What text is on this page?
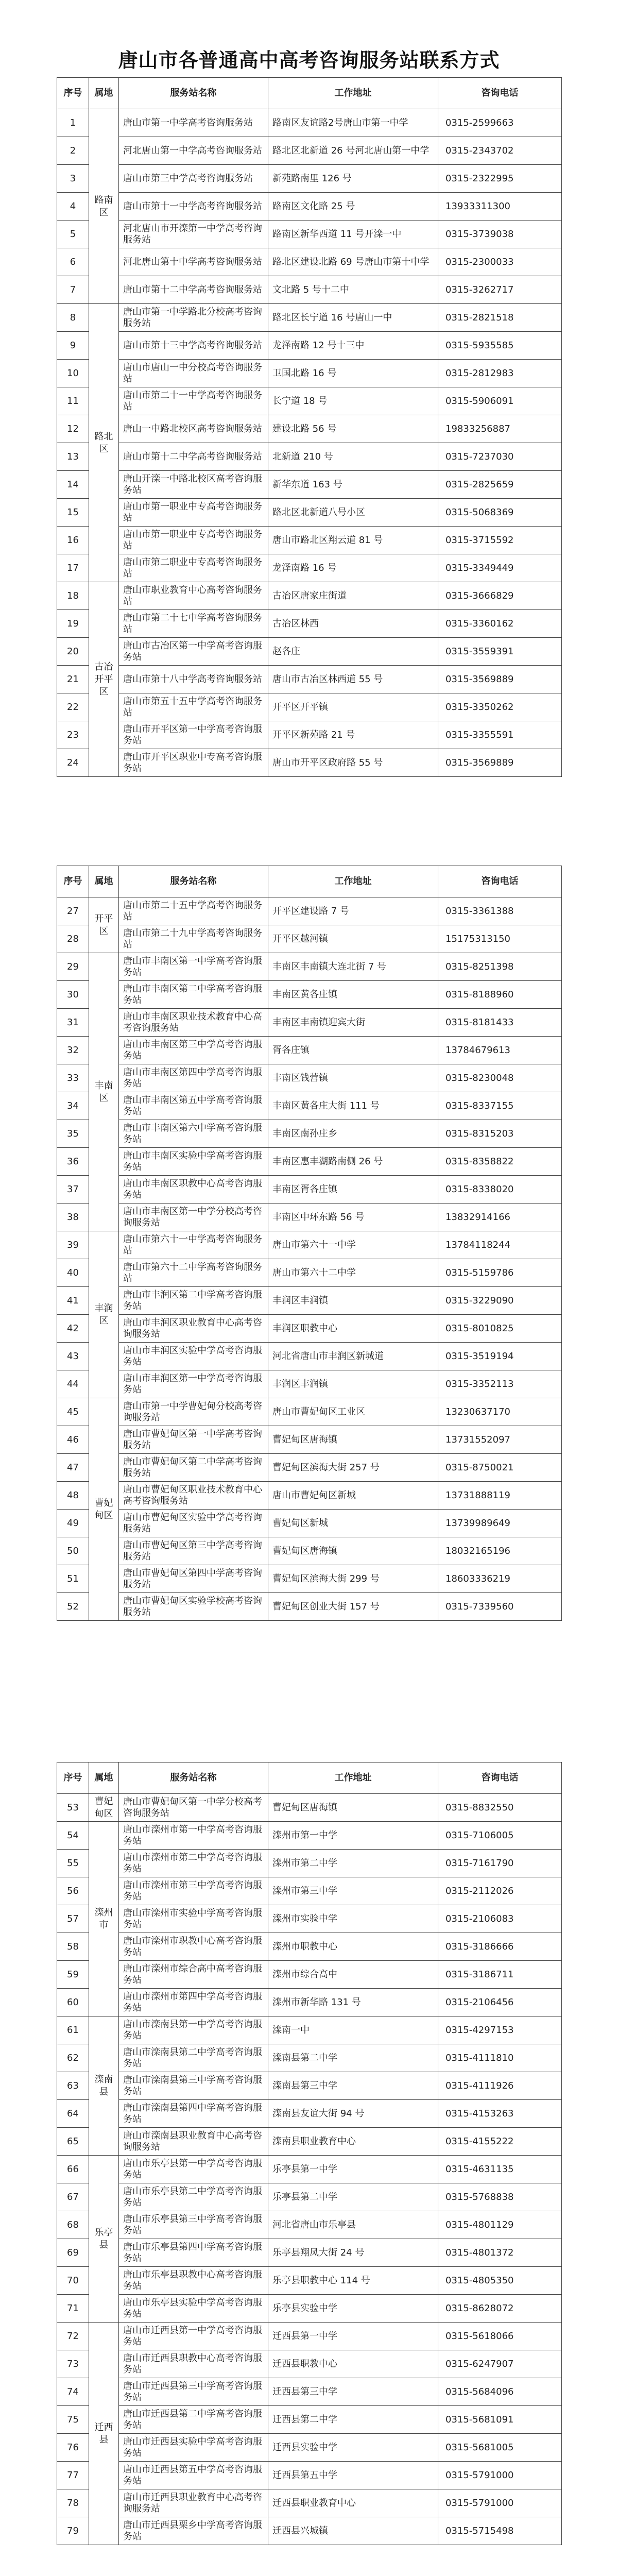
唐山市各普通高中高考咨询服务站联系方式
序号	属地	服务站名称	工作地址	咨询电话
1	路南区	唐山市第一中学高考咨询服务站	路南区友谊路2号唐山市第一中学	0315-2599663
2		河北唐山第一中学高考咨询服务站	路北区北新道 26 号河北唐山第一中学	0315-2343702
3		唐山市第三中学高考咨询服务站	新苑路南里 126 号	0315-2322995
4		唐山市第十一中学高考咨询服务站	路南区文化路 25 号	13933311300
5		河北唐山市开滦第一中学高考咨询服务站	路南区新华西道 11 号开滦一中	0315-3739038
6		河北唐山第十中学高考咨询服务站	路北区建设北路 69 号唐山市第十中学	0315-2300033
7		唐山市第十二中学高考咨询服务站	文北路 5 号十二中	0315-3262717
8	路北区	唐山市第一中学路北分校高考咨询服务站	路北区长宁道 16 号唐山一中	0315-2821518
9		唐山市第十三中学高考咨询服务站	龙泽南路 12 号十三中	0315-5935585
10		唐山市唐山一中分校高考咨询服务站	卫国北路 16 号	0315-2812983
11		唐山市第二十一中学高考咨询服务站	长宁道 18 号	0315-5906091
12		唐山一中路北校区高考咨询服务站	建设北路 56 号	19833256887
13		唐山市第十二中学高考咨询服务站	北新道 210 号	0315-7237030
14		唐山开滦一中路北校区高考咨询服务站	新华东道 163 号	0315-2825659
15		唐山市第一职业中专高考咨询服务站	路北区北新道八号小区	0315-5068369
16		唐山市第一职业中专高考咨询服务站	唐山市路北区翔云道 81 号	0315-3715592
17		唐山市第二职业中专高考咨询服务站	龙泽南路 16 号	0315-3349449
18	古冶开平区	唐山市职业教育中心高考咨询服务站	古冶区唐家庄街道	0315-3666829
19		唐山市第二十七中学高考咨询服务站	古冶区林西	0315-3360162
20		唐山市古冶区第一中学高考咨询服务站	赵各庄	0315-3559391
21		唐山市第十八中学高考咨询服务站	唐山市古冶区林西道 55 号	0315-3569889
22		唐山市第五十五中学高考咨询服务站	开平区开平镇	0315-3350262
23		唐山市开平区第一中学高考咨询服务站	开平区新苑路 21 号	0315-3355591
24		唐山市开平区职业中专高考咨询服务站	唐山市开平区政府路 55 号	0315-3569889
序号	属地	服务站名称	工作地址	咨询电话
27	开平区	唐山市第二十五中学高考咨询服务站	开平区建设路 7 号	0315-3361388
28		唐山市第二十九中学高考咨询服务站	开平区越河镇	15175313150
29	丰南区	唐山市丰南区第一中学高考咨询服务站	丰南区丰南镇大连北街 7 号	0315-8251398
30		唐山市丰南区第二中学高考咨询服务站	丰南区黄各庄镇	0315-8188960
31		唐山市丰南区职业技术教育中心高考咨询服务站	丰南区丰南镇迎宾大街	0315-8181433
32		唐山市丰南区第三中学高考咨询服务站	胥各庄镇	13784679613
33		唐山市丰南区第四中学高考咨询服务站	丰南区钱营镇	0315-8230048
34		唐山市丰南区第五中学高考咨询服务站	丰南区黄各庄大街 111 号	0315-8337155
35		唐山市丰南区第六中学高考咨询服务站	丰南区南孙庄乡	0315-8315203
36		唐山市丰南区实验中学高考咨询服务站	丰南区惠丰湖路南侧 26 号	0315-8358822
37		唐山市丰南区职教中心高考咨询服务站	丰南区胥各庄镇	0315-8338020
38		唐山市丰南区第一中学分校高考咨询服务站	丰南区中环东路 56 号	13832914166
39	丰润区	唐山市第六十一中学高考咨询服务站	唐山市第六十一中学	13784118244
40		唐山市第六十二中学高考咨询服务站	唐山市第六十二中学	0315-5159786
41		唐山市丰润区第二中学高考咨询服务站	丰润区丰润镇	0315-3229090
42		唐山市丰润区职业教育中心高考咨询服务站	丰润区职教中心	0315-8010825
43		唐山市丰润区实验中学高考咨询服务站	河北省唐山市丰润区新城道	0315-3519194
44		唐山市丰润区第一中学高考咨询服务站	丰润区丰润镇	0315-3352113
45	曹妃甸区	唐山市第一中学曹妃甸分校高考咨询服务站	唐山市曹妃甸区工业区	13230637170
46		唐山市曹妃甸区第一中学高考咨询服务站	曹妃甸区唐海镇	13731552097
47		唐山市曹妃甸区第二中学高考咨询服务站	曹妃甸区滨海大街 257 号	0315-8750021
48		唐山市曹妃甸区职业技术教育中心高考咨询服务站	唐山市曹妃甸区新城	13731888119
49		唐山市曹妃甸区实验中学高考咨询服务站	曹妃甸区新城	13739989649
50		唐山市曹妃甸区第三中学高考咨询服务站	曹妃甸区唐海镇	18032165196
51		唐山市曹妃甸区第四中学高考咨询服务站	曹妃甸区滨海大街 299 号	18603336219
52		唐山市曹妃甸区实验学校高考咨询服务站	曹妃甸区创业大街 157 号	0315-7339560
序号	属地	服务站名称	工作地址	咨询电话
53	曹妃甸区	唐山市曹妃甸区第一中学分校高考咨询服务站	曹妃甸区唐海镇	0315-8832550
54	滦州市	唐山市滦州市第一中学高考咨询服务站	滦州市第一中学	0315-7106005
55		唐山市滦州市第二中学高考咨询服务站	滦州市第二中学	0315-7161790
56		唐山市滦州市第三中学高考咨询服务站	滦州市第三中学	0315-2112026
57		唐山市滦州市实验中学高考咨询服务站	滦州市实验中学	0315-2106083
58		唐山市滦州市职教中心高考咨询服务站	滦州市职教中心	0315-3186666
59		唐山市滦州市综合高中高考咨询服务站	滦州市综合高中	0315-3186711
60		唐山市滦州市第四中学高考咨询服务站	滦州市新华路 131 号	0315-2106456
61	滦南县	唐山市滦南县第一中学高考咨询服务站	滦南一中	0315-4297153
62		唐山市滦南县第二中学高考咨询服务站	滦南县第二中学	0315-4111810
63		唐山市滦南县第三中学高考咨询服务站	滦南县第三中学	0315-4111926
64		唐山市滦南县第四中学高考咨询服务站	滦南县友谊大街 94 号	0315-4153263
65		唐山市滦南县职业教育中心高考咨询服务站	滦南县职业教育中心	0315-4155222
66	乐亭县	唐山市乐亭县第一中学高考咨询服务站	乐亭县第一中学	0315-4631135
67		唐山市乐亭县第二中学高考咨询服务站	乐亭县第二中学	0315-5768838
68		唐山市乐亭县第三中学高考咨询服务站	河北省唐山市乐亭县	0315-4801129
69		唐山市乐亭县第四中学高考咨询服务站	乐亭县翔凤大街 24 号	0315-4801372
70		唐山市乐亭县职教中心高考咨询服务站	乐亭县职教中心 114 号	0315-4805350
71		唐山市乐亭县实验中学高考咨询服务站	乐亭县实验中学	0315-8628072
72	迁西县	唐山市迁西县第一中学高考咨询服务站	迁西县第一中学	0315-5618066
73		唐山市迁西县职教中心高考咨询服务站	迁西县职教中心	0315-6247907
74		唐山市迁西县第三中学高考咨询服务站	迁西县第三中学	0315-5684096
75		唐山市迁西县第二中学高考咨询服务站	迁西县第二中学	0315-5681091
76		唐山市迁西县实验中学高考咨询服务站	迁西县实验中学	0315-5681005
77		唐山市迁西县第五中学高考咨询服务站	迁西县第五中学	0315-5791000
78		唐山市迁西县职业教育中心高考咨询服务站	迁西县职业教育中心	0315-5791000
79		唐山市迁西县栗乡中学高考咨询服务站	迁西县兴城镇	0315-5715498
